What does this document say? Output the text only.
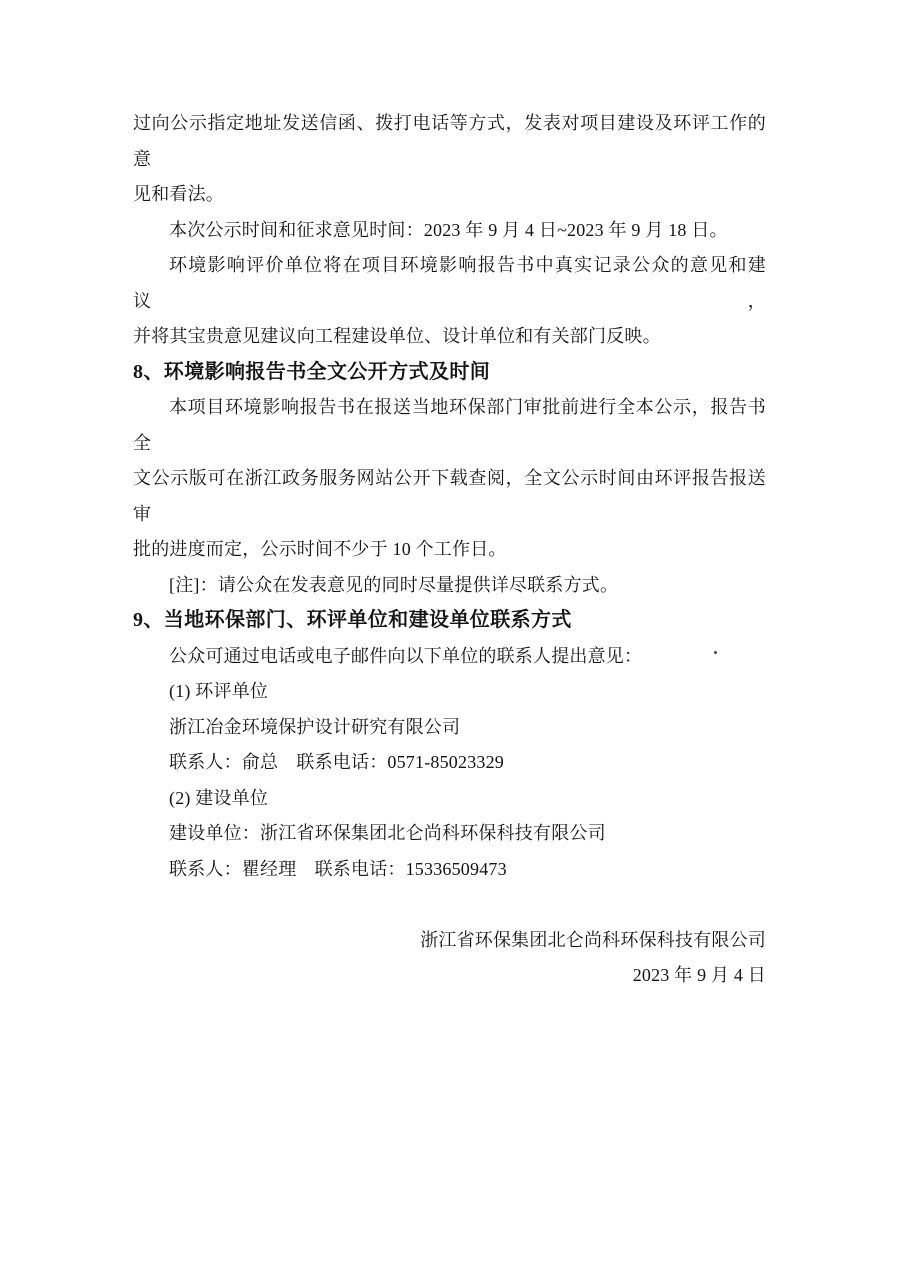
过向公示指定地址发送信函、拨打电话等方式，发表对项目建设及环评工作的意

见和看法。

本次公示时间和征求意见时间：2023 年 9 月 4 日~2023 年 9 月 18 日。

环境影响评价单位将在项目环境影响报告书中真实记录公众的意见和建议，

并将其宝贵意见建议向工程建设单位、设计单位和有关部门反映。

8、环境影响报告书全文公开方式及时间

本项目环境影响报告书在报送当地环保部门审批前进行全本公示，报告书全

文公示版可在浙江政务服务网站公开下载查阅，全文公示时间由环评报告报送审

批的进度而定，公示时间不少于 10 个工作日。

[注]：请公众在发表意见的同时尽量提供详尽联系方式。

9、当地环保部门、环评单位和建设单位联系方式

公众可通过电话或电子邮件向以下单位的联系人提出意见：

(1) 环评单位

浙江冶金环境保护设计研究有限公司

联系人：俞总　联系电话：0571-85023329

(2) 建设单位

建设单位：浙江省环保集团北仑尚科环保科技有限公司

联系人：瞿经理　联系电话：15336509473

浙江省环保集团北仑尚科环保科技有限公司

2023 年 9 月 4 日
